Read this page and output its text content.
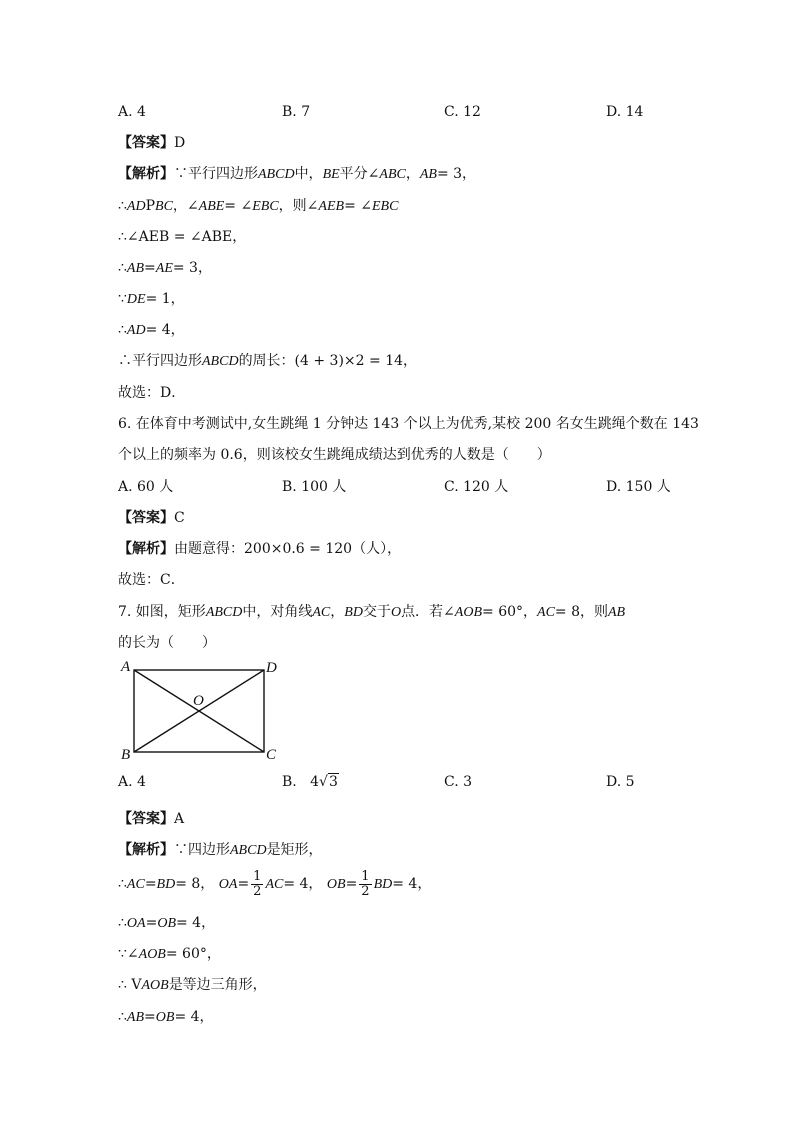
A. 4	B. 7	C. 12	D. 14
【答案】D
【解析】∵平行四边形ABCD中，BE平分∠ABC，AB= 3，
∴ADPBC，∠ABE= ∠EBC，则∠AEB= ∠EBC
∴∠AEB = ∠ABE，
∴AB=AE= 3，
∵DE= 1，
∴AD= 4，
∴平行四边形ABCD的周长：(4 + 3)×2 = 14，
故选：D．
6. 在体育中考测试中,女生跳绳 1 分钟达 143 个以上为优秀,某校 200 名女生跳绳个数在 143
个以上的频率为 0.6，则该校女生跳绳成绩达到优秀的人数是（　　）
A. 60 人	B. 100 人	C. 120 人	D. 150 人
【答案】C
【解析】由题意得：200×0.6 = 120（人），
故选：C．
7. 如图，矩形ABCD中，对角线AC，BD交于O点．若∠AOB= 60°，AC= 8，则AB
的长为（　　）
A	D
O
B	C
A. 4	B. 4√3	C. 3	D. 5
【答案】A
【解析】∵四边形ABCD是矩形，
∴AC=BD= 8， $OA= \frac{1}{2} AC= 4$， $OB= \frac{1}{2} BD= 4$，
∴OA=OB= 4，
∵∠AOB= 60°，
∴ VAOB是等边三角形，
∴AB=OB= 4，
